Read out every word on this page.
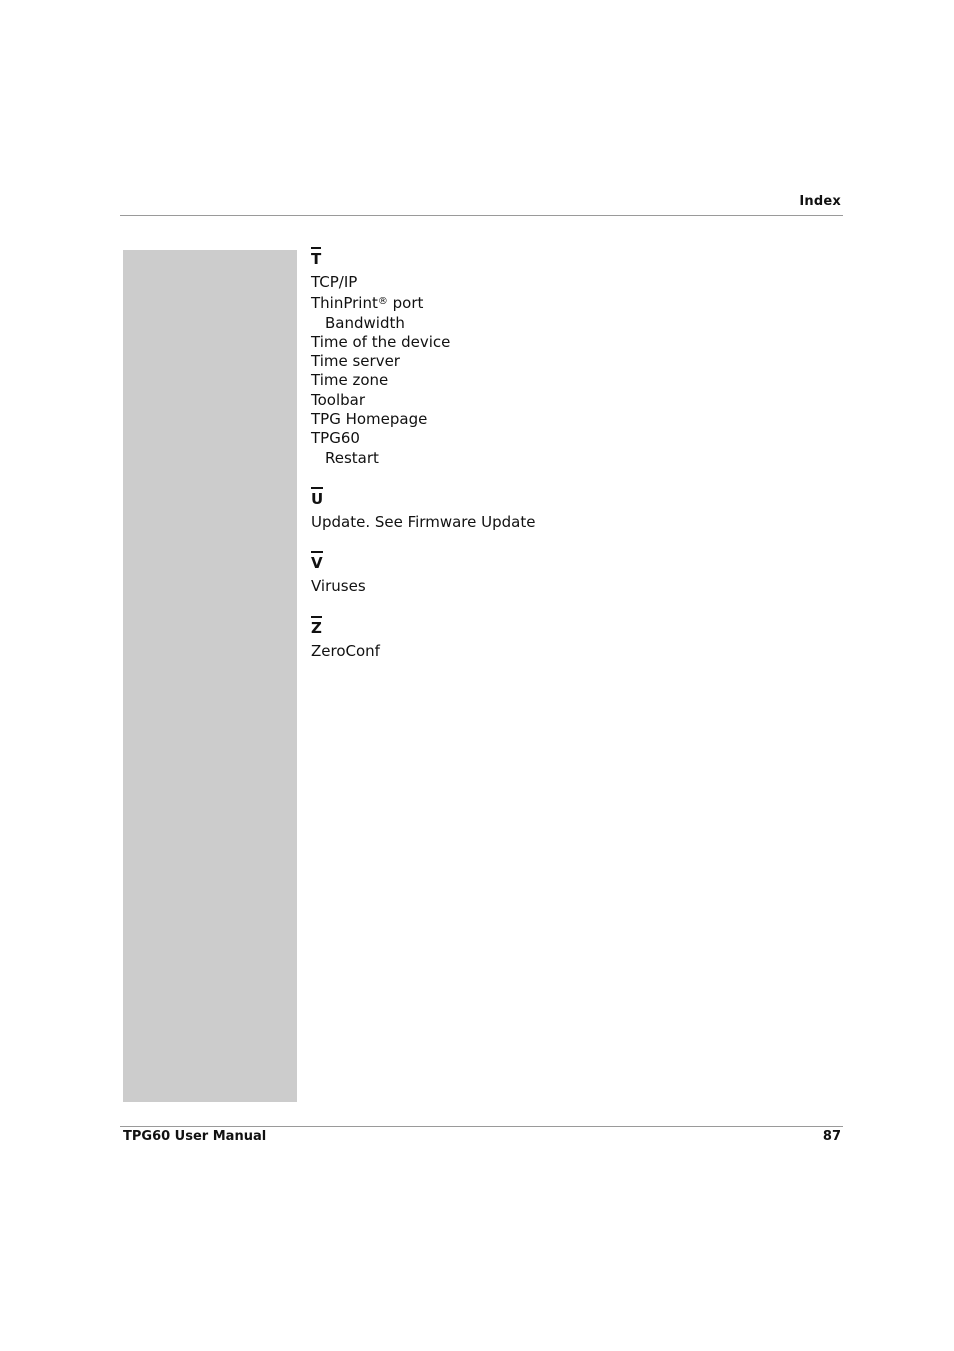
Index
T
TCP/IP
ThinPrint® port
Bandwidth
Time of the device
Time server
Time zone
Toolbar
TPG Homepage
TPG60
Restart
U
Update. See Firmware Update
V
Viruses
Z
ZeroConf
TPG60 User Manual	87
